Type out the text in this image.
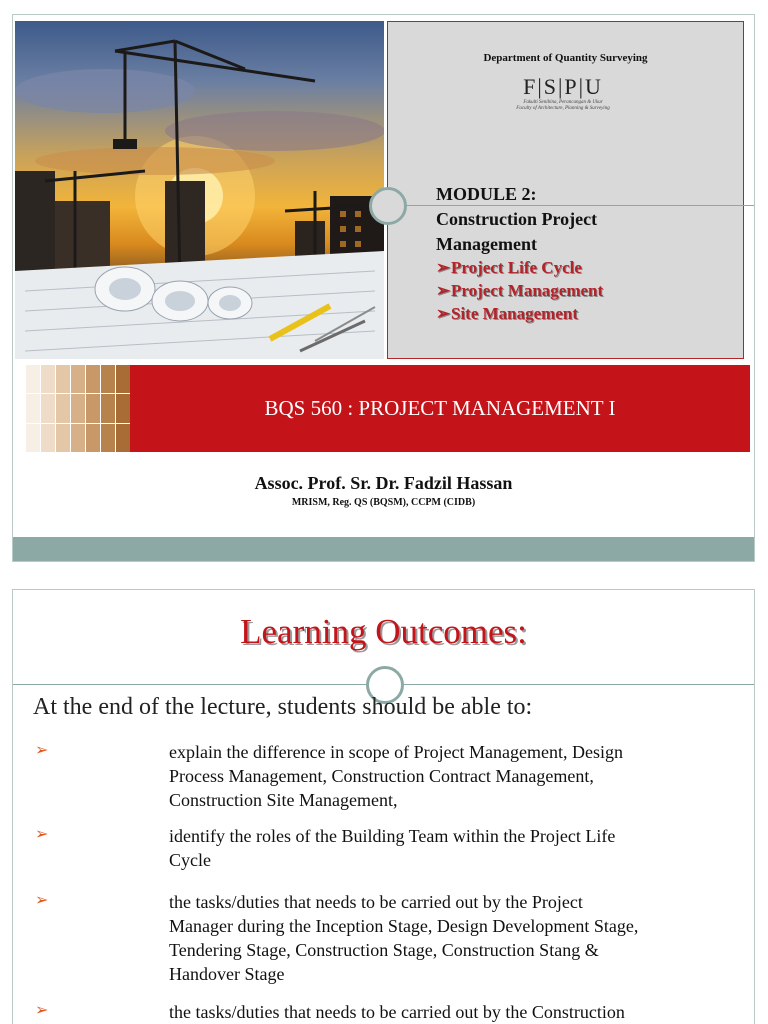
Department of Quantity Surveying
F|S|P|U
Fakulti Senibina, Perancangan & Ukur
Faculty of Architecture, Planning & Surveying
MODULE 2:
Construction Project
Management
➢Project Life Cycle
➢Project Management
➢Site Management
BQS 560 : PROJECT MANAGEMENT I
Assoc. Prof. Sr. Dr. Fadzil Hassan
MRISM, Reg. QS (BQSM), CCPM (CIDB)
Learning Outcomes:
At the end of the lecture, students should be able to:
➢	explain the difference in scope of Project Management, Design
Process Management, Construction Contract Management,
Construction Site Management,
➢	identify the roles of the Building Team within the Project Life
Cycle
➢	the tasks/duties that needs to be carried out by the Project
Manager during the Inception Stage, Design Development Stage,
Tendering Stage, Construction Stage, Construction Stang &
Handover Stage
➢	the tasks/duties that needs to be carried out by the Construction
